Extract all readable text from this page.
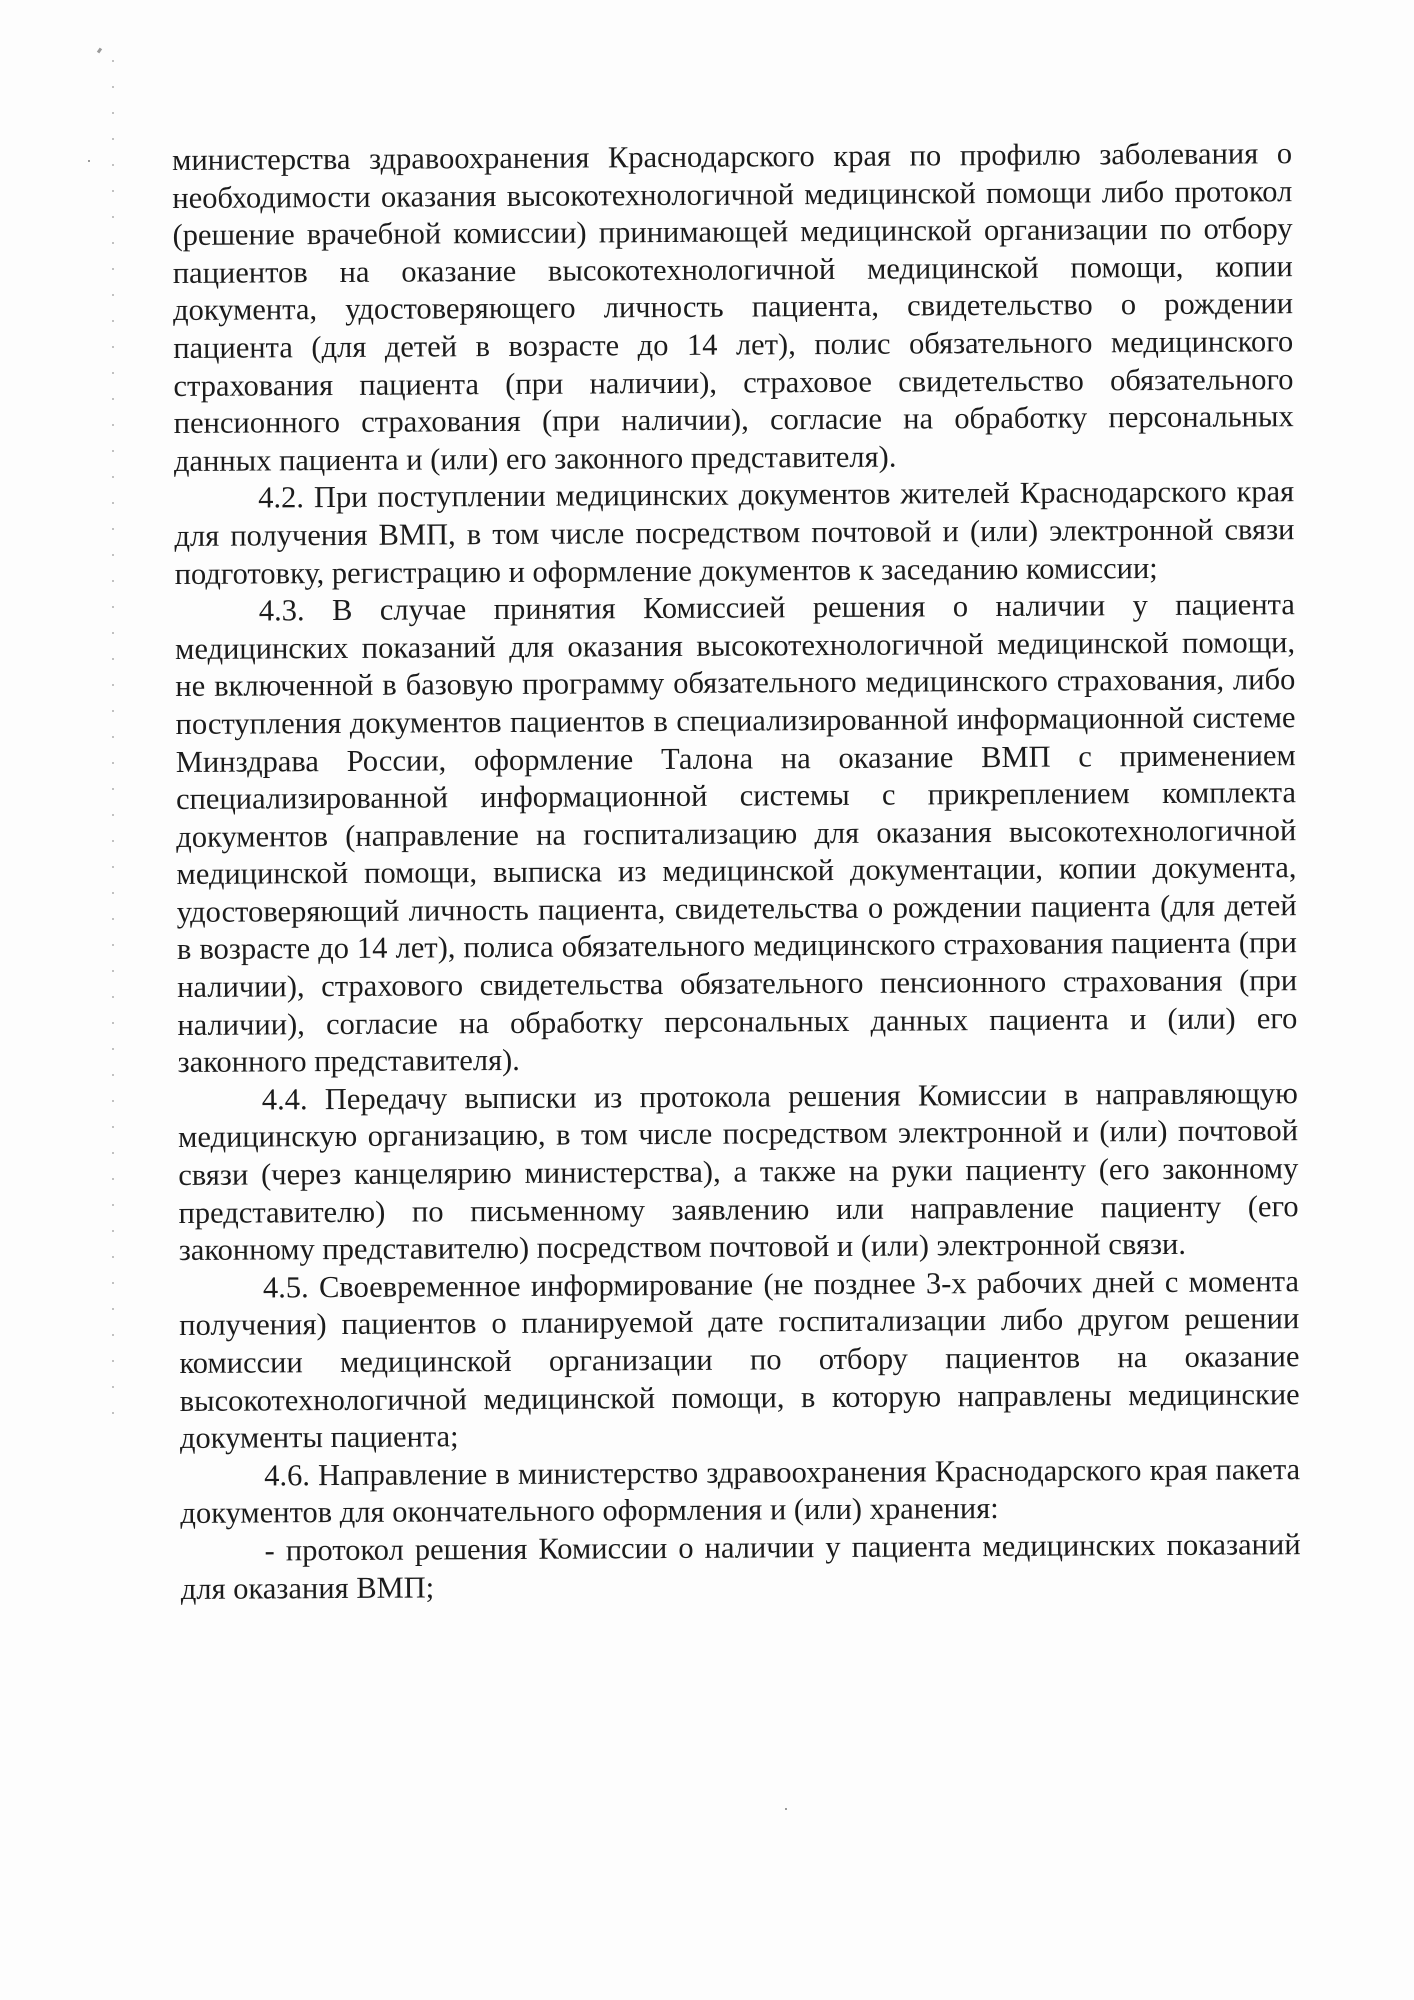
министерства здравоохранения Краснодарского края по профилю заболевания о необходимости оказания высокотехнологичной медицинской помощи либо протокол (решение врачебной комиссии) принимающей медицинской организации по отбору пациентов на оказание высокотехнологичной медицинской помощи, копии документа, удостоверяющего личность пациента, свидетельство о рождении пациента (для детей в возрасте до 14 лет), полис обязательного медицинского страхования пациента (при наличии), страховое свидетельство обязательного пенсионного страхования (при наличии), согласие на обработку персональных данных пациента и (или) его законного представителя).

4.2. При поступлении медицинских документов жителей Краснодарского края для получения ВМП, в том числе посредством почтовой и (или) электронной связи подготовку, регистрацию и оформление документов к заседанию комиссии;

4.3. В случае принятия Комиссией решения о наличии у пациента медицинских показаний для оказания высокотехнологичной медицинской помощи, не включенной в базовую программу обязательного медицинского страхования, либо поступления документов пациентов в специализированной информационной системе Минздрава России, оформление Талона на оказание ВМП с применением специализированной информационной системы с прикреплением комплекта документов (направление на госпитализацию для оказания высокотехнологичной медицинской помощи, выписка из медицинской документации, копии документа, удостоверяющий личность пациента, свидетельства о рождении пациента (для детей в возрасте до 14 лет), полиса обязательного медицинского страхования пациента (при наличии), страхового свидетельства обязательного пенсионного страхования (при наличии), согласие на обработку персональных данных пациента и (или) его законного представителя).

4.4. Передачу выписки из протокола решения Комиссии в направляющую медицинскую организацию, в том числе посредством электронной и (или) почтовой связи (через канцелярию министерства), а также на руки пациенту (его законному представителю) по письменному заявлению или направление пациенту (его законному представителю) посредством почтовой и (или) электронной связи.

4.5. Своевременное информирование (не позднее 3-х рабочих дней с момента получения) пациентов о планируемой дате госпитализации либо другом решении комиссии медицинской организации по отбору пациентов на оказание высокотехнологичной медицинской помощи, в которую направлены медицинские документы пациента;

4.6. Направление в министерство здравоохранения Краснодарского края пакета документов для окончательного оформления и (или) хранения:

- протокол решения Комиссии о наличии у пациента медицинских показаний для оказания ВМП;
